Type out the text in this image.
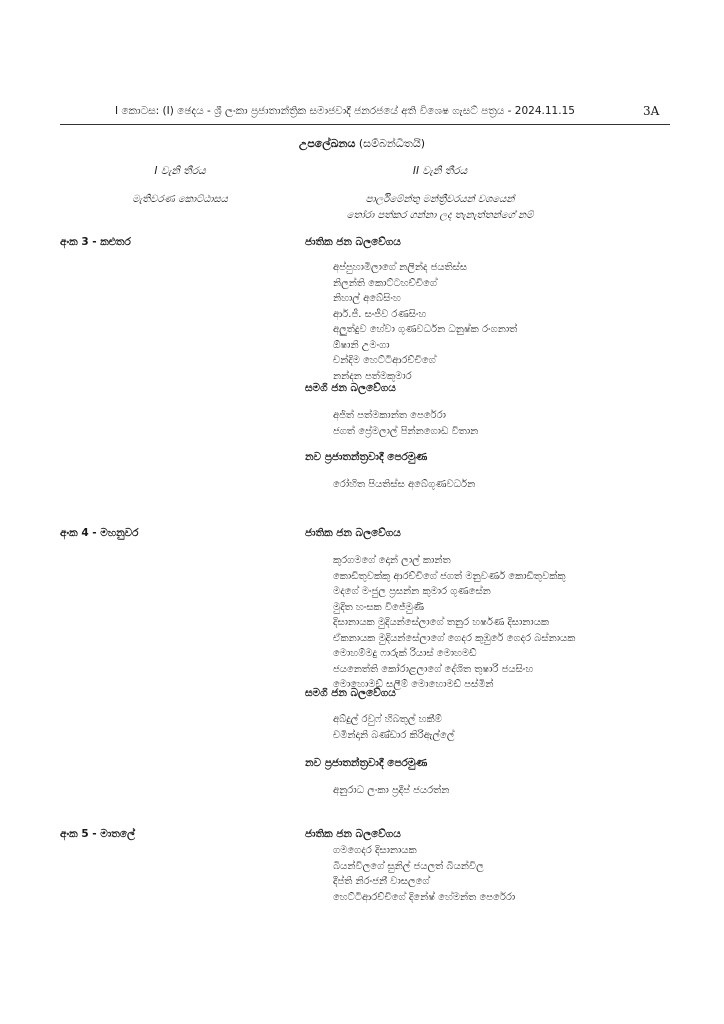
I කොටස: (I) ඡෙදය - ශ්‍රී ලංකා ප්‍රජාතාන්ත්‍රික සමාජවාදී ජනරජයේ අති විශෙෂ ගැසට් පත්‍රය - 2024.11.15	3A
උපලේඛනය (සම්බන්ධිතයි)
I වැනි තීරය	II වැනි තීරය
මැතිවරණ කොට්ඨාසය	පාර්ලිමේන්තු මන්ත්‍රීවරයන් වශයෙන්
තෝරා පත්කර ගන්නා ලද තැනැත්තන්ගේ නම්
අංක 3 - කළුතර	ජාතික ජන බලවේගය
අප්පුහාමිලාගේ නලින්ද ජයතිස්ස
නිලන්ති කොට්ටහච්චිගේ
නිහාල් අබේසිංහ
ආර්.ජී. සංජීව රණසිංහ
අලුත්දුව හේවා ගුණවර්ධන ධනුෂ්ක රංගනාත්
ඕෂානි උමංගා
චන්දිම හෙට්ටිආරච්චිගේ
නන්දන පත්මකුමාර
සමගි ජන බලවේගය
අජිත් පත්මකාන්ත පෙරේරා
ජගත් ප්‍රේමලාල් පින්නගොඩ විතාන
නව ප්‍රජාතන්ත්‍රවාදී පෙරමුණ
රෝහිත පියතිස්ස අබේගුණවර්ධන
අංක 4 - මහනුවර	ජාතික ජන බලවේගය
කුරගමගේ දොන් ලාල් කාන්ත
කොඩිතුවක්කු ආරච්චිගේ ජගත් මනුවර්ණ කොඩිතුවක්කු
මදගේ මංජුල ප්‍රසන්න කුමාර ගුණසේන
මුදිත හංසක විජේමුණි
දිසානායක මුදියන්සේලාගේ තනුර හර්ෂණ දිසානායක
ඒකනායක මුදියන්සේලාගේ ගෙදර කුඹුරේ ගෙදර බස්නායක
මොහම්මදු ෆාරුක් රියාස් මොහමඩ්
ජයනෙත්ති කෝරාළලාගේ දේශිත තුෂාරි ජයසිංහ
මොහොමඩ් සලීම් මොහොමඩ් පස්මින්
සමගි ජන බලවේගය
අබ්දුල් රවුෆ් හිබතුල් හකීම්
චමින්දානි බණ්ඩාර කිරිඇල්ලේ
නව ප්‍රජාතන්ත්‍රවාදී පෙරමුණ
අනුරාධ ලංකා ප්‍රදීප් ජයරත්න
අංක 5 - මාතලේ	ජාතික ජන බලවේගය
ගමගෙදර දිසානායක
බියන්විලගේ සුනිල් ජයලත් බියන්විල
දීප්ති නිරංජනී වාසලගේ
හෙට්ටිආරච්චිගේ දිනේෂ් හේමන්ත පෙරේරා
